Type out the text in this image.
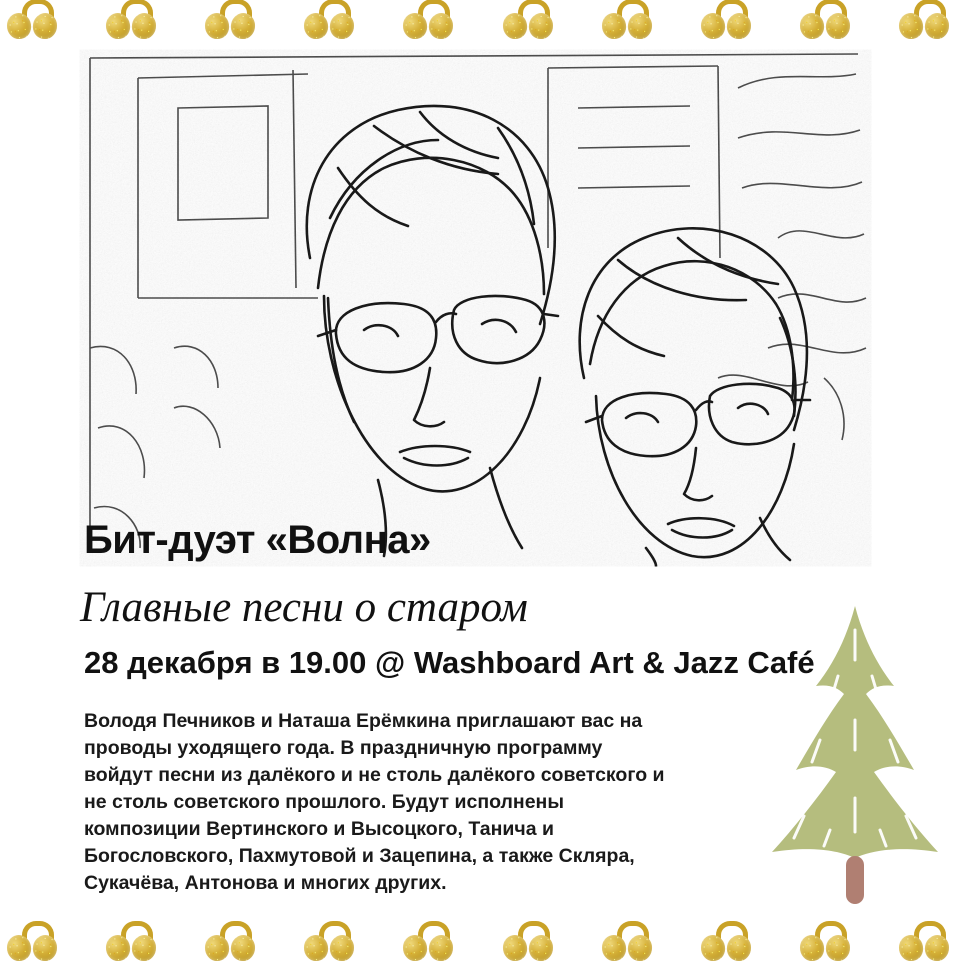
Бит-дуэт «Волна»
Главные песни о старом
28 декабря в 19.00 @ Washboard Art & Jazz Café
Володя Печников и Наташа Ерёмкина приглашают вас на проводы уходящего года. В праздничную программу войдут песни из далёкого и не столь далёкого советского и не столь советского прошлого. Будут исполнены композиции Вертинского и Высоцкого, Танича и Богословского, Пахмутовой и Зацепина, а также Скляра, Сукачёва, Антонова и многих других.
